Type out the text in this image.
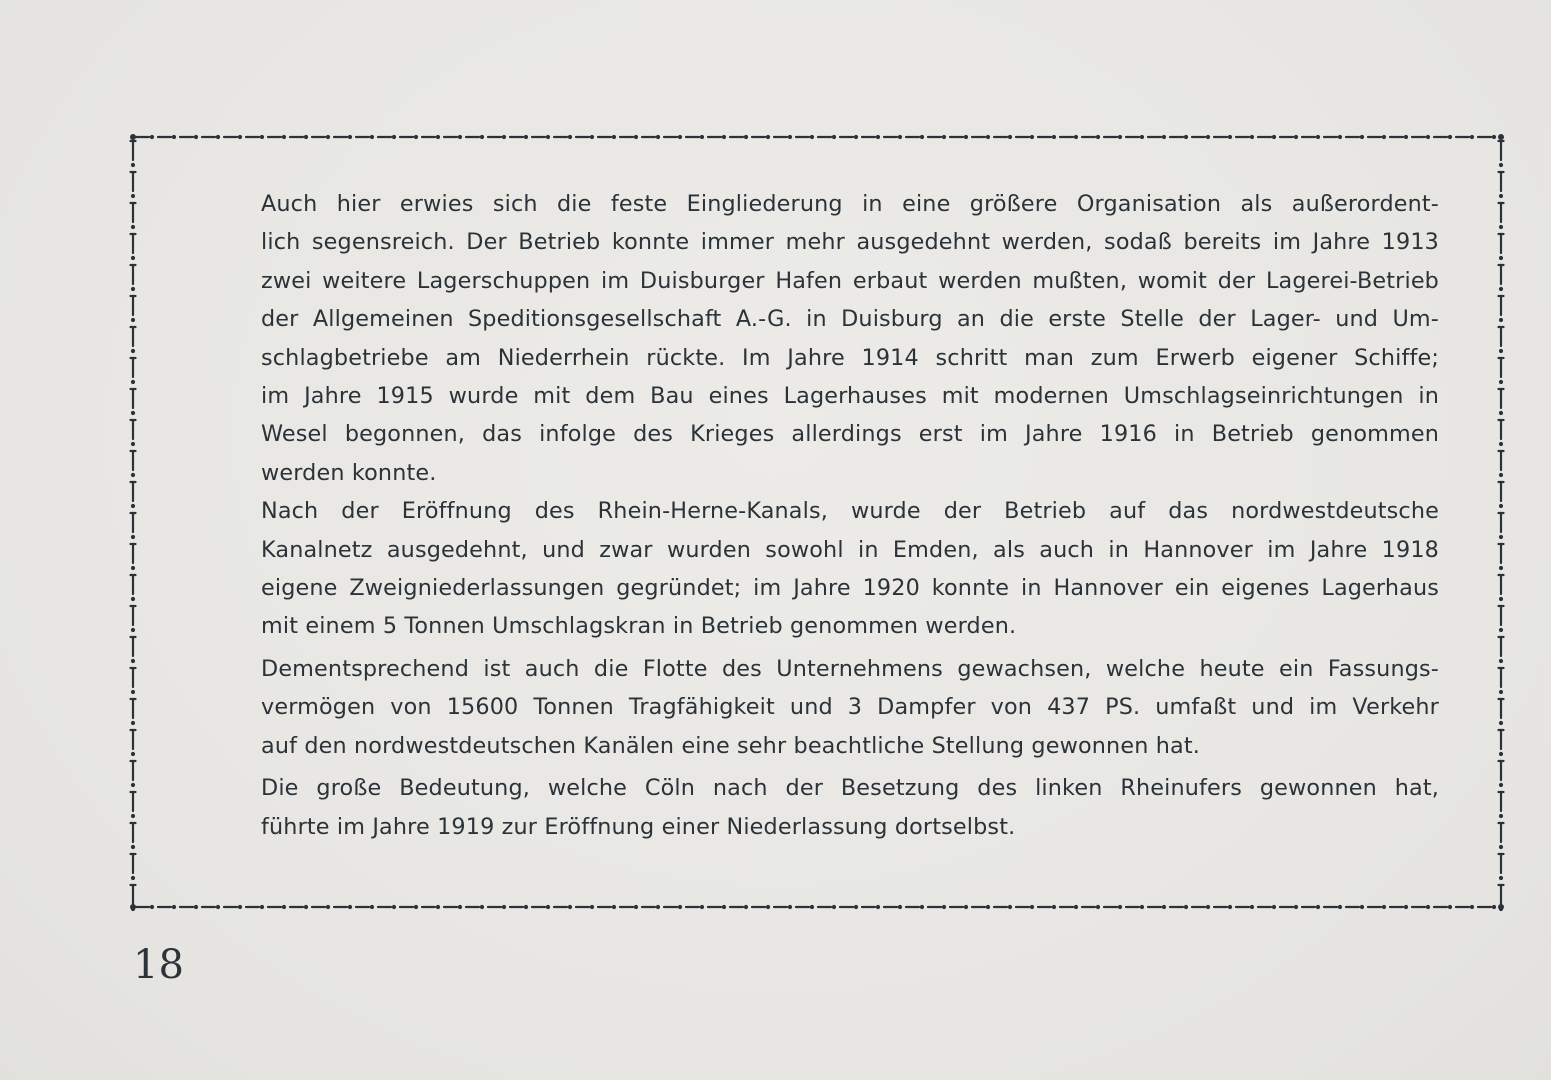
Auch hier erwies sich die feste Eingliederung in eine größere Organisation als außerordent-
lich segensreich. Der Betrieb konnte immer mehr ausgedehnt werden, sodaß bereits im Jahre 1913
zwei weitere Lagerschuppen im Duisburger Hafen erbaut werden mußten, womit der Lagerei-Betrieb
der Allgemeinen Speditionsgesellschaft A.-G. in Duisburg an die erste Stelle der Lager- und Um-
schlagbetriebe am Niederrhein rückte. Im Jahre 1914 schritt man zum Erwerb eigener Schiffe;
im Jahre 1915 wurde mit dem Bau eines Lagerhauses mit modernen Umschlagseinrichtungen in
Wesel begonnen, das infolge des Krieges allerdings erst im Jahre 1916 in Betrieb genommen
werden konnte.

Nach der Eröffnung des Rhein-Herne-Kanals, wurde der Betrieb auf das nordwestdeutsche
Kanalnetz ausgedehnt, und zwar wurden sowohl in Emden, als auch in Hannover im Jahre 1918
eigene Zweigniederlassungen gegründet; im Jahre 1920 konnte in Hannover ein eigenes Lagerhaus
mit einem 5 Tonnen Umschlagskran in Betrieb genommen werden.

Dementsprechend ist auch die Flotte des Unternehmens gewachsen, welche heute ein Fassungs-
vermögen von 15600 Tonnen Tragfähigkeit und 3 Dampfer von 437 PS. umfaßt und im Verkehr
auf den nordwestdeutschen Kanälen eine sehr beachtliche Stellung gewonnen hat.

Die große Bedeutung, welche Cöln nach der Besetzung des linken Rheinufers gewonnen hat,
führte im Jahre 1919 zur Eröffnung einer Niederlassung dortselbst.

18
